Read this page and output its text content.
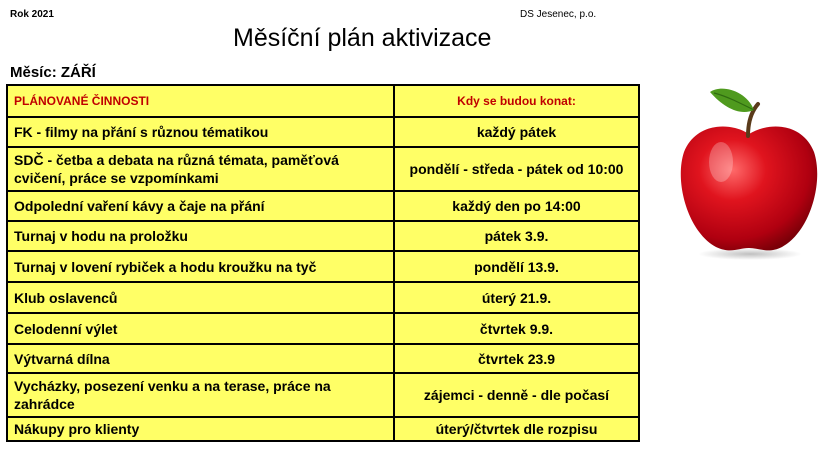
Rok 2021	DS Jesenec, p.o.
Měsíční plán aktivizace
Měsíc: ZÁŘÍ
PLÁNOVANÉ ČINNOSTI	Kdy se budou konat:
FK - filmy na přání s různou tématikou	každý pátek
SDČ - četba a debata na různá témata, paměťová cvičení, práce se vzpomínkami	pondělí - středa - pátek od 10:00
Odpolední vaření kávy a čaje na přání	každý den po 14:00
Turnaj v hodu na proložku	pátek 3.9.
Turnaj v lovení rybiček a hodu kroužku na tyč	pondělí 13.9.
Klub oslavenců	úterý 21.9.
Celodenní výlet	čtvrtek 9.9.
Výtvarná dílna	čtvrtek 23.9
Vycházky, posezení venku a na terase, práce na zahrádce	zájemci - denně - dle počasí
Nákupy pro klienty	úterý/čtvrtek dle rozpisu
